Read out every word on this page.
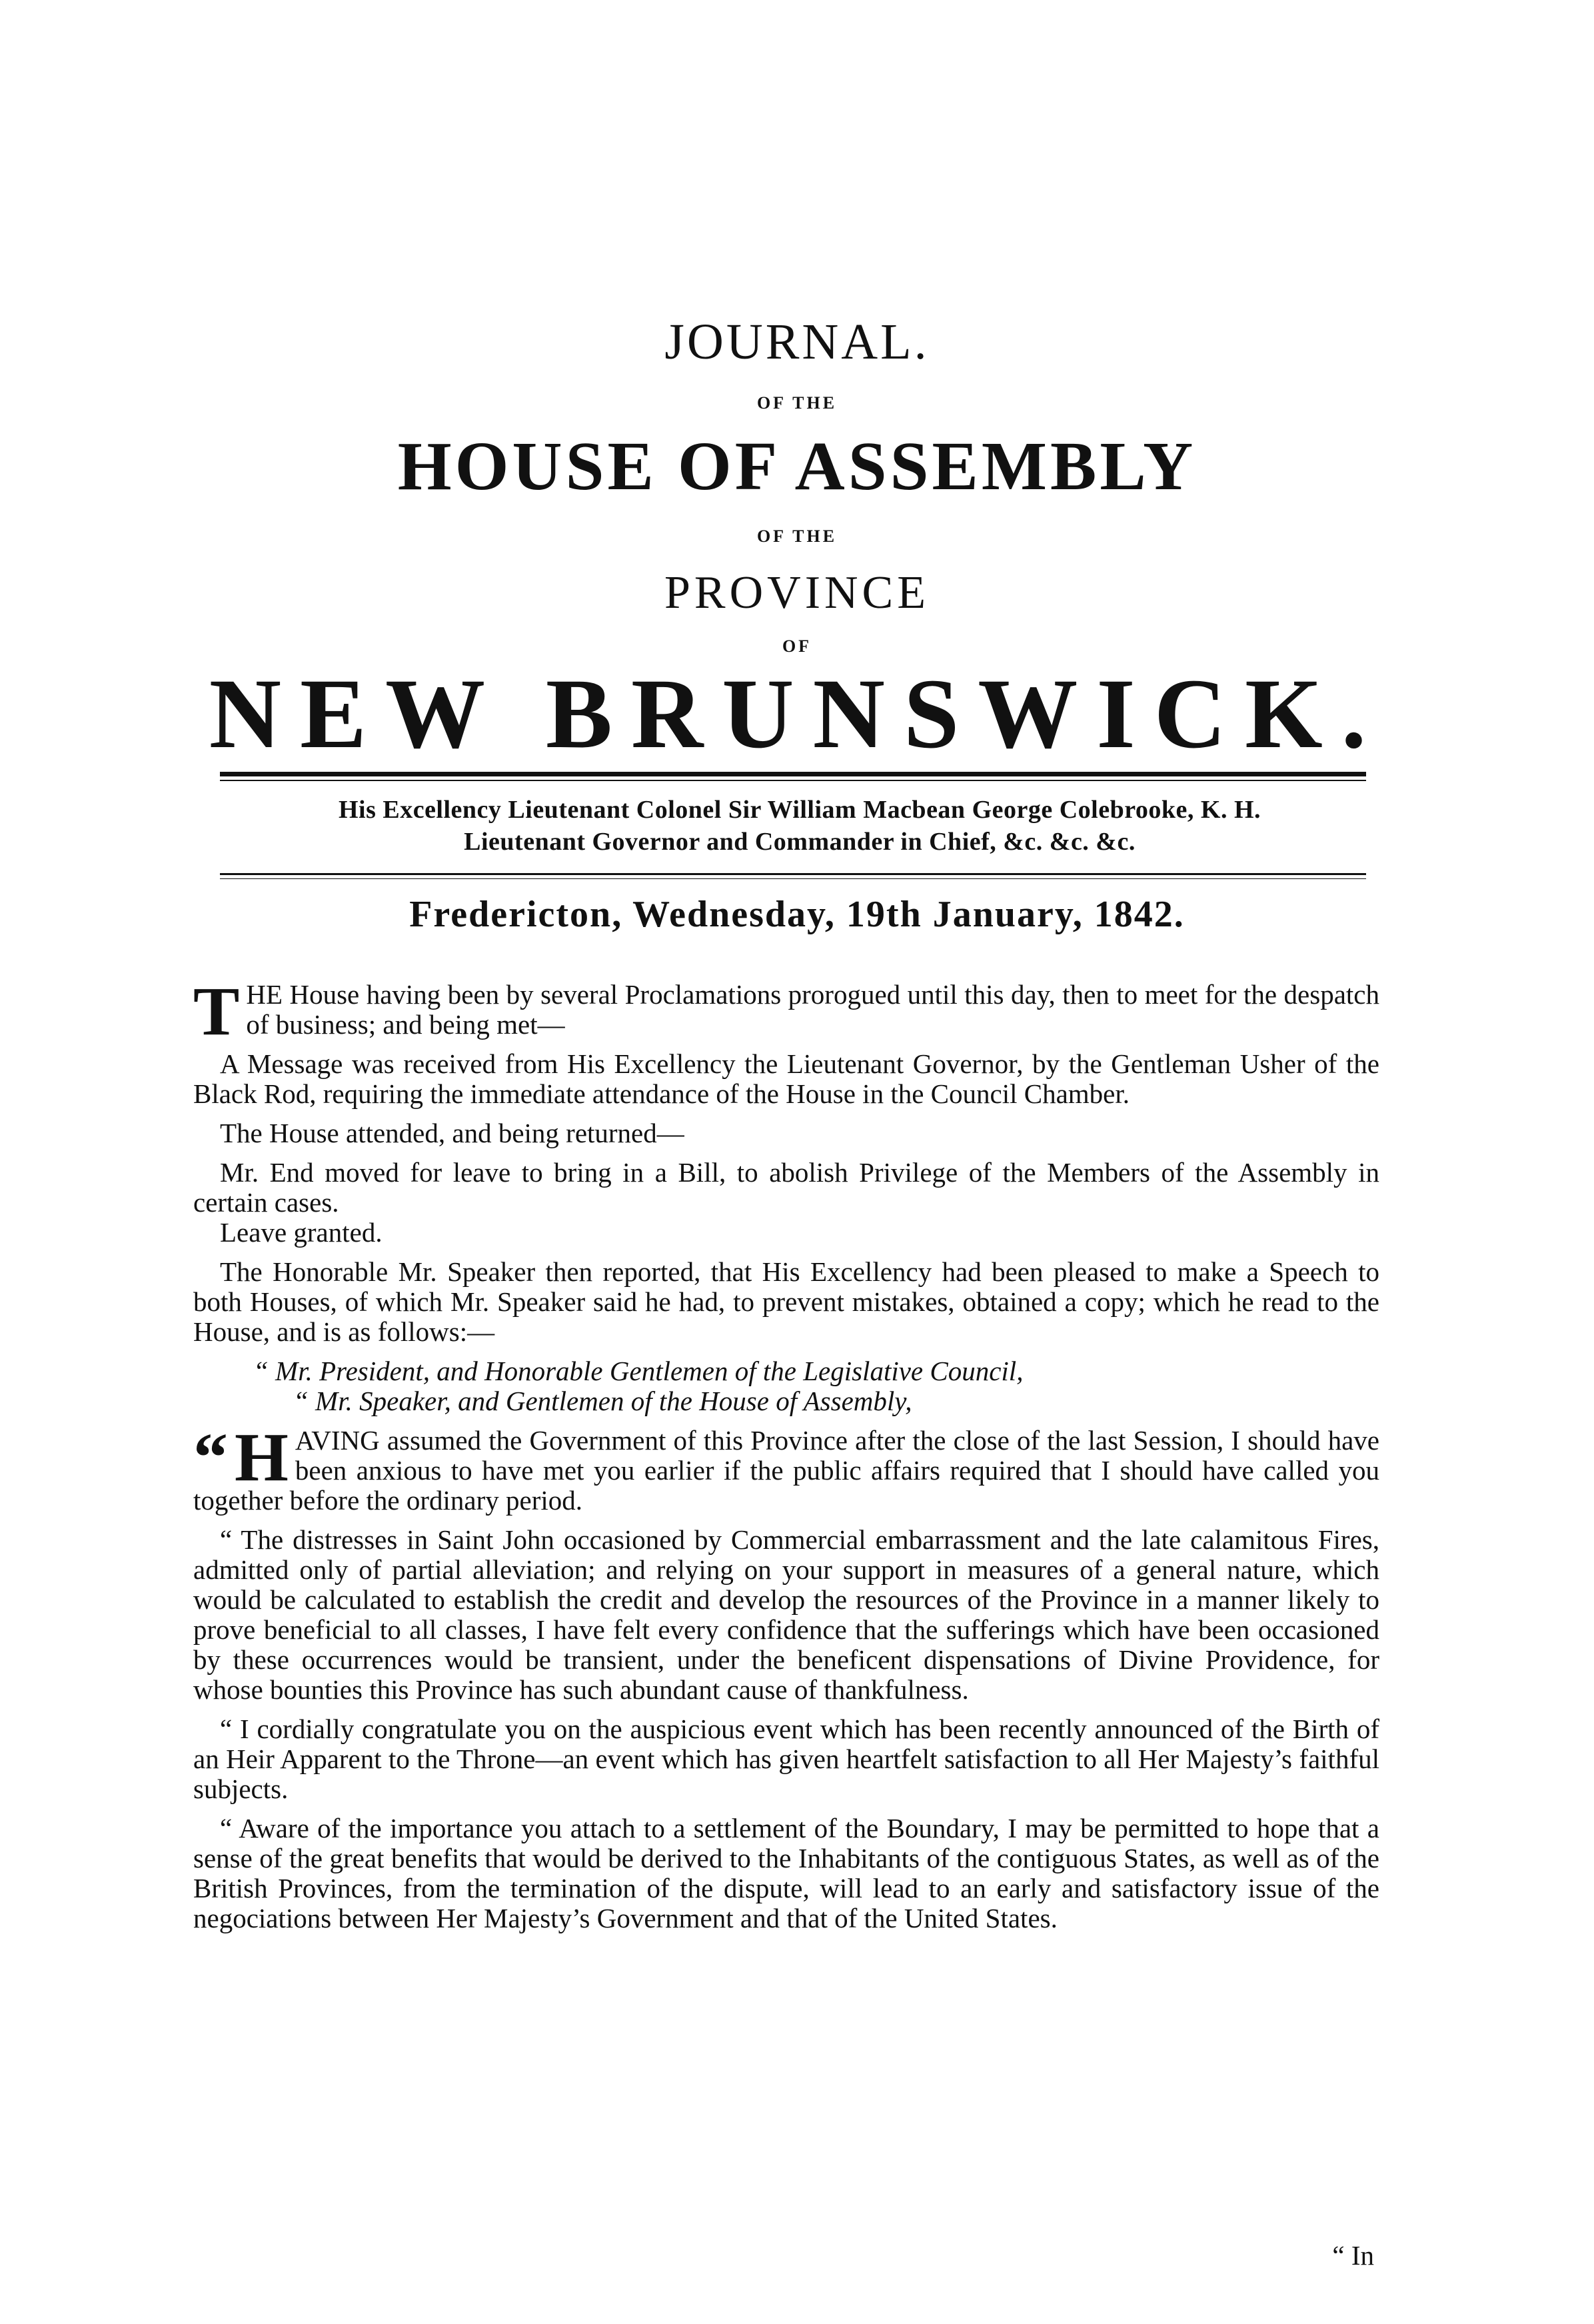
JOURNAL.
OF THE
HOUSE OF ASSEMBLY
OF THE
PROVINCE
OF
NEW BRUNSWICK.
His Excellency Lieutenant Colonel Sir William Macbean George Colebrooke, K. H.
Lieutenant Governor and Commander in Chief, &c. &c. &c.
Fredericton, Wednesday, 19th January, 1842.

THE House having been by several Proclamations prorogued until this day, then to meet for the despatch of business; and being met—

A Message was received from His Excellency the Lieutenant Governor, by the Gentleman Usher of the Black Rod, requiring the immediate attendance of the House in the Council Chamber.

The House attended, and being returned—

Mr. End moved for leave to bring in a Bill, to abolish Privilege of the Members of the Assembly in certain cases.

Leave granted.

The Honorable Mr. Speaker then reported, that His Excellency had been pleased to make a Speech to both Houses, of which Mr. Speaker said he had, to prevent mistakes, obtained a copy; which he read to the House, and is as follows:—

“ Mr. President, and Honorable Gentlemen of the Legislative Council,

“ Mr. Speaker, and Gentlemen of the House of Assembly,

“ H AVING assumed the Government of this Province after the close of the last Session, I should have been anxious to have met you earlier if the public affairs required that I should have called you together before the ordinary period.

“ The distresses in Saint John occasioned by Commercial embarrassment and the late calamitous Fires, admitted only of partial alleviation; and relying on your support in measures of a general nature, which would be calculated to establish the credit and develop the resources of the Province in a manner likely to prove beneficial to all classes, I have felt every confidence that the sufferings which have been occasioned by these occurrences would be transient, under the beneficent dispensations of Divine Providence, for whose bounties this Province has such abundant cause of thankfulness.

“ I cordially congratulate you on the auspicious event which has been recently announced of the Birth of an Heir Apparent to the Throne—an event which has given heartfelt satisfaction to all Her Majesty’s faithful subjects.

“ Aware of the importance you attach to a settlement of the Boundary, I may be permitted to hope that a sense of the great benefits that would be derived to the Inhabitants of the contiguous States, as well as of the British Provinces, from the termination of the dispute, will lead to an early and satisfactory issue of the negociations between Her Majesty’s Government and that of the United States.

“ In
